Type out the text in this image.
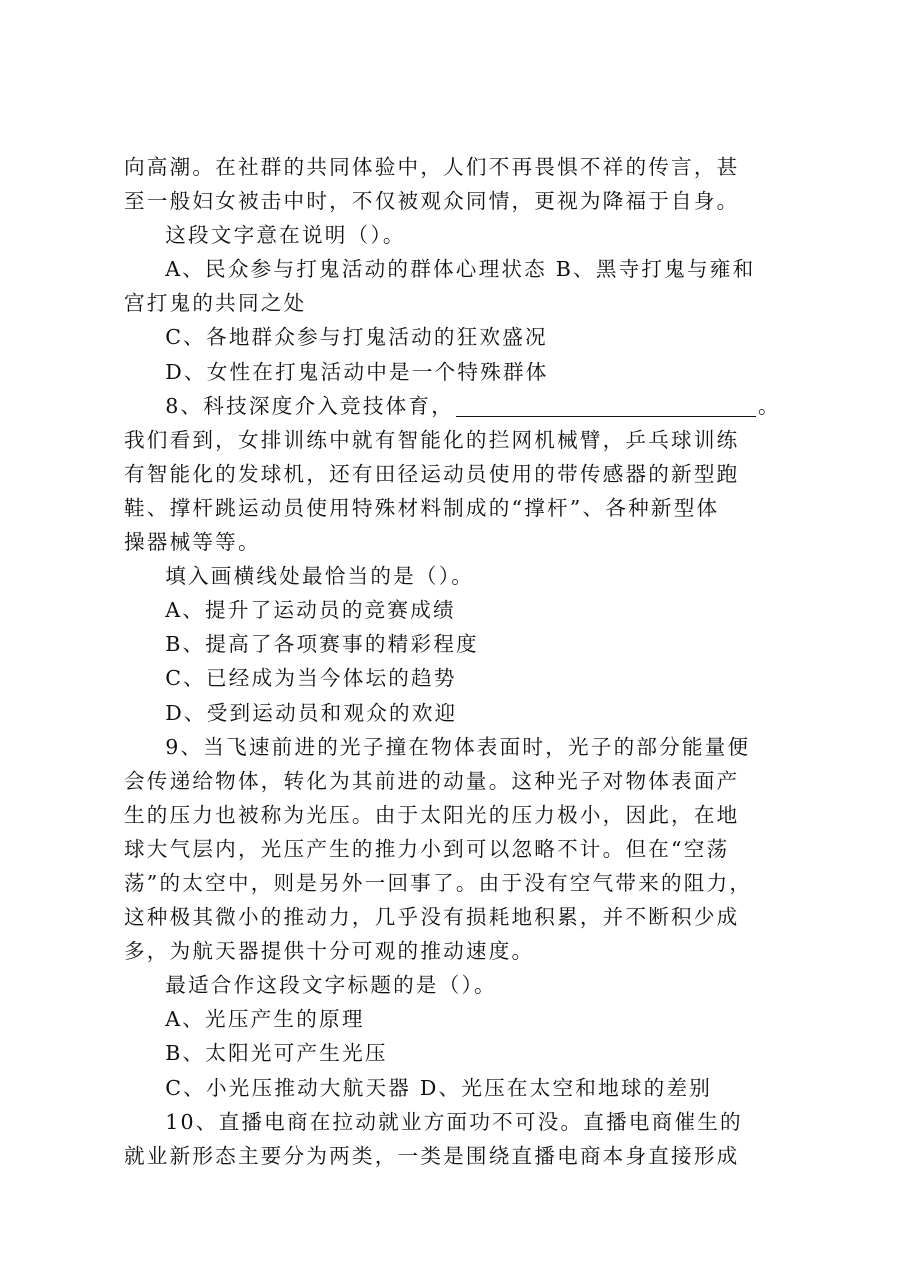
向高潮。在社群的共同体验中，人们不再畏惧不祥的传言，甚
至一般妇女被击中时，不仅被观众同情，更视为降福于自身。
这段文字意在说明（）。
A、民众参与打鬼活动的群体心理状态 B、黑寺打鬼与雍和
宫打鬼的共同之处
C、各地群众参与打鬼活动的狂欢盛况
D、女性在打鬼活动中是一个特殊群体
8、科技深度介入竞技体育，	。
我们看到，女排训练中就有智能化的拦网机械臂，乒乓球训练
有智能化的发球机，还有田径运动员使用的带传感器的新型跑
鞋、撑杆跳运动员使用特殊材料制成的“撑杆”、各种新型体
操器械等等。
填入画横线处最恰当的是（）。
A、提升了运动员的竞赛成绩
B、提高了各项赛事的精彩程度
C、已经成为当今体坛的趋势
D、受到运动员和观众的欢迎
9、当飞速前进的光子撞在物体表面时，光子的部分能量便
会传递给物体，转化为其前进的动量。这种光子对物体表面产
生的压力也被称为光压。由于太阳光的压力极小，因此，在地
球大气层内，光压产生的推力小到可以忽略不计。但在“空荡
荡”的太空中，则是另外一回事了。由于没有空气带来的阻力，
这种极其微小的推动力，几乎没有损耗地积累，并不断积少成
多，为航天器提供十分可观的推动速度。
最适合作这段文字标题的是（）。
A、光压产生的原理
B、太阳光可产生光压
C、小光压推动大航天器 D、光压在太空和地球的差别
10、直播电商在拉动就业方面功不可没。直播电商催生的
就业新形态主要分为两类，一类是围绕直播电商本身直接形成
